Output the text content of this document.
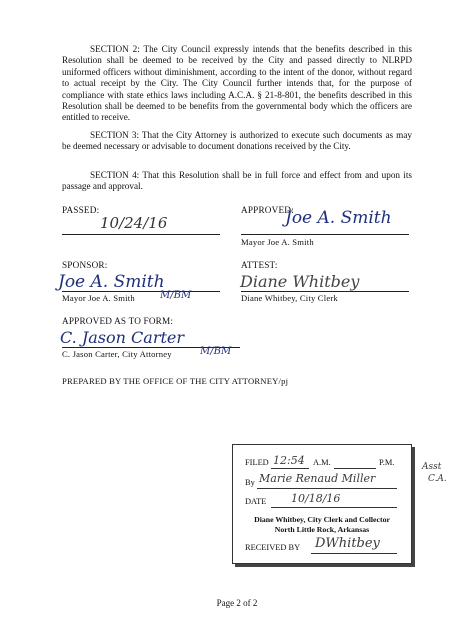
SECTION 2: The City Council expressly intends that the benefits described in this Resolution shall be deemed to be received by the City and passed directly to NLRPD uniformed officers without diminishment, according to the intent of the donor, without regard to actual receipt by the City. The City Council further intends that, for the purpose of compliance with state ethics laws including A.C.A. § 21-8-801, the benefits described in this Resolution shall be deemed to be benefits from the governmental body which the officers are entitled to receive.

SECTION 3: That the City Attorney is authorized to execute such documents as may be deemed necessary or advisable to document donations received by the City.

SECTION 4: That this Resolution shall be in full force and effect from and upon its passage and approval.

PASSED:
10/24/16
APPROVED:
Joe A. Smith
Mayor Joe A. Smith
SPONSOR:
Joe A. Smith
Mayor Joe A. Smith	M/BM
ATTEST:
Diane Whitbey
Diane Whitbey, City Clerk
APPROVED AS TO FORM:
C. Jason Carter
C. Jason Carter, City Attorney	M/BM
PREPARED BY THE OFFICE OF THE CITY ATTORNEY/pj
FILED 12:54 A.M.	P.M.
By Marie Renaud Miller
DATE 10/18/16
Diane Whitbey, City Clerk and Collector
North Little Rock, Arkansas
RECEIVED BY DWhitbey
Asst
C.A.
Page 2 of 2
